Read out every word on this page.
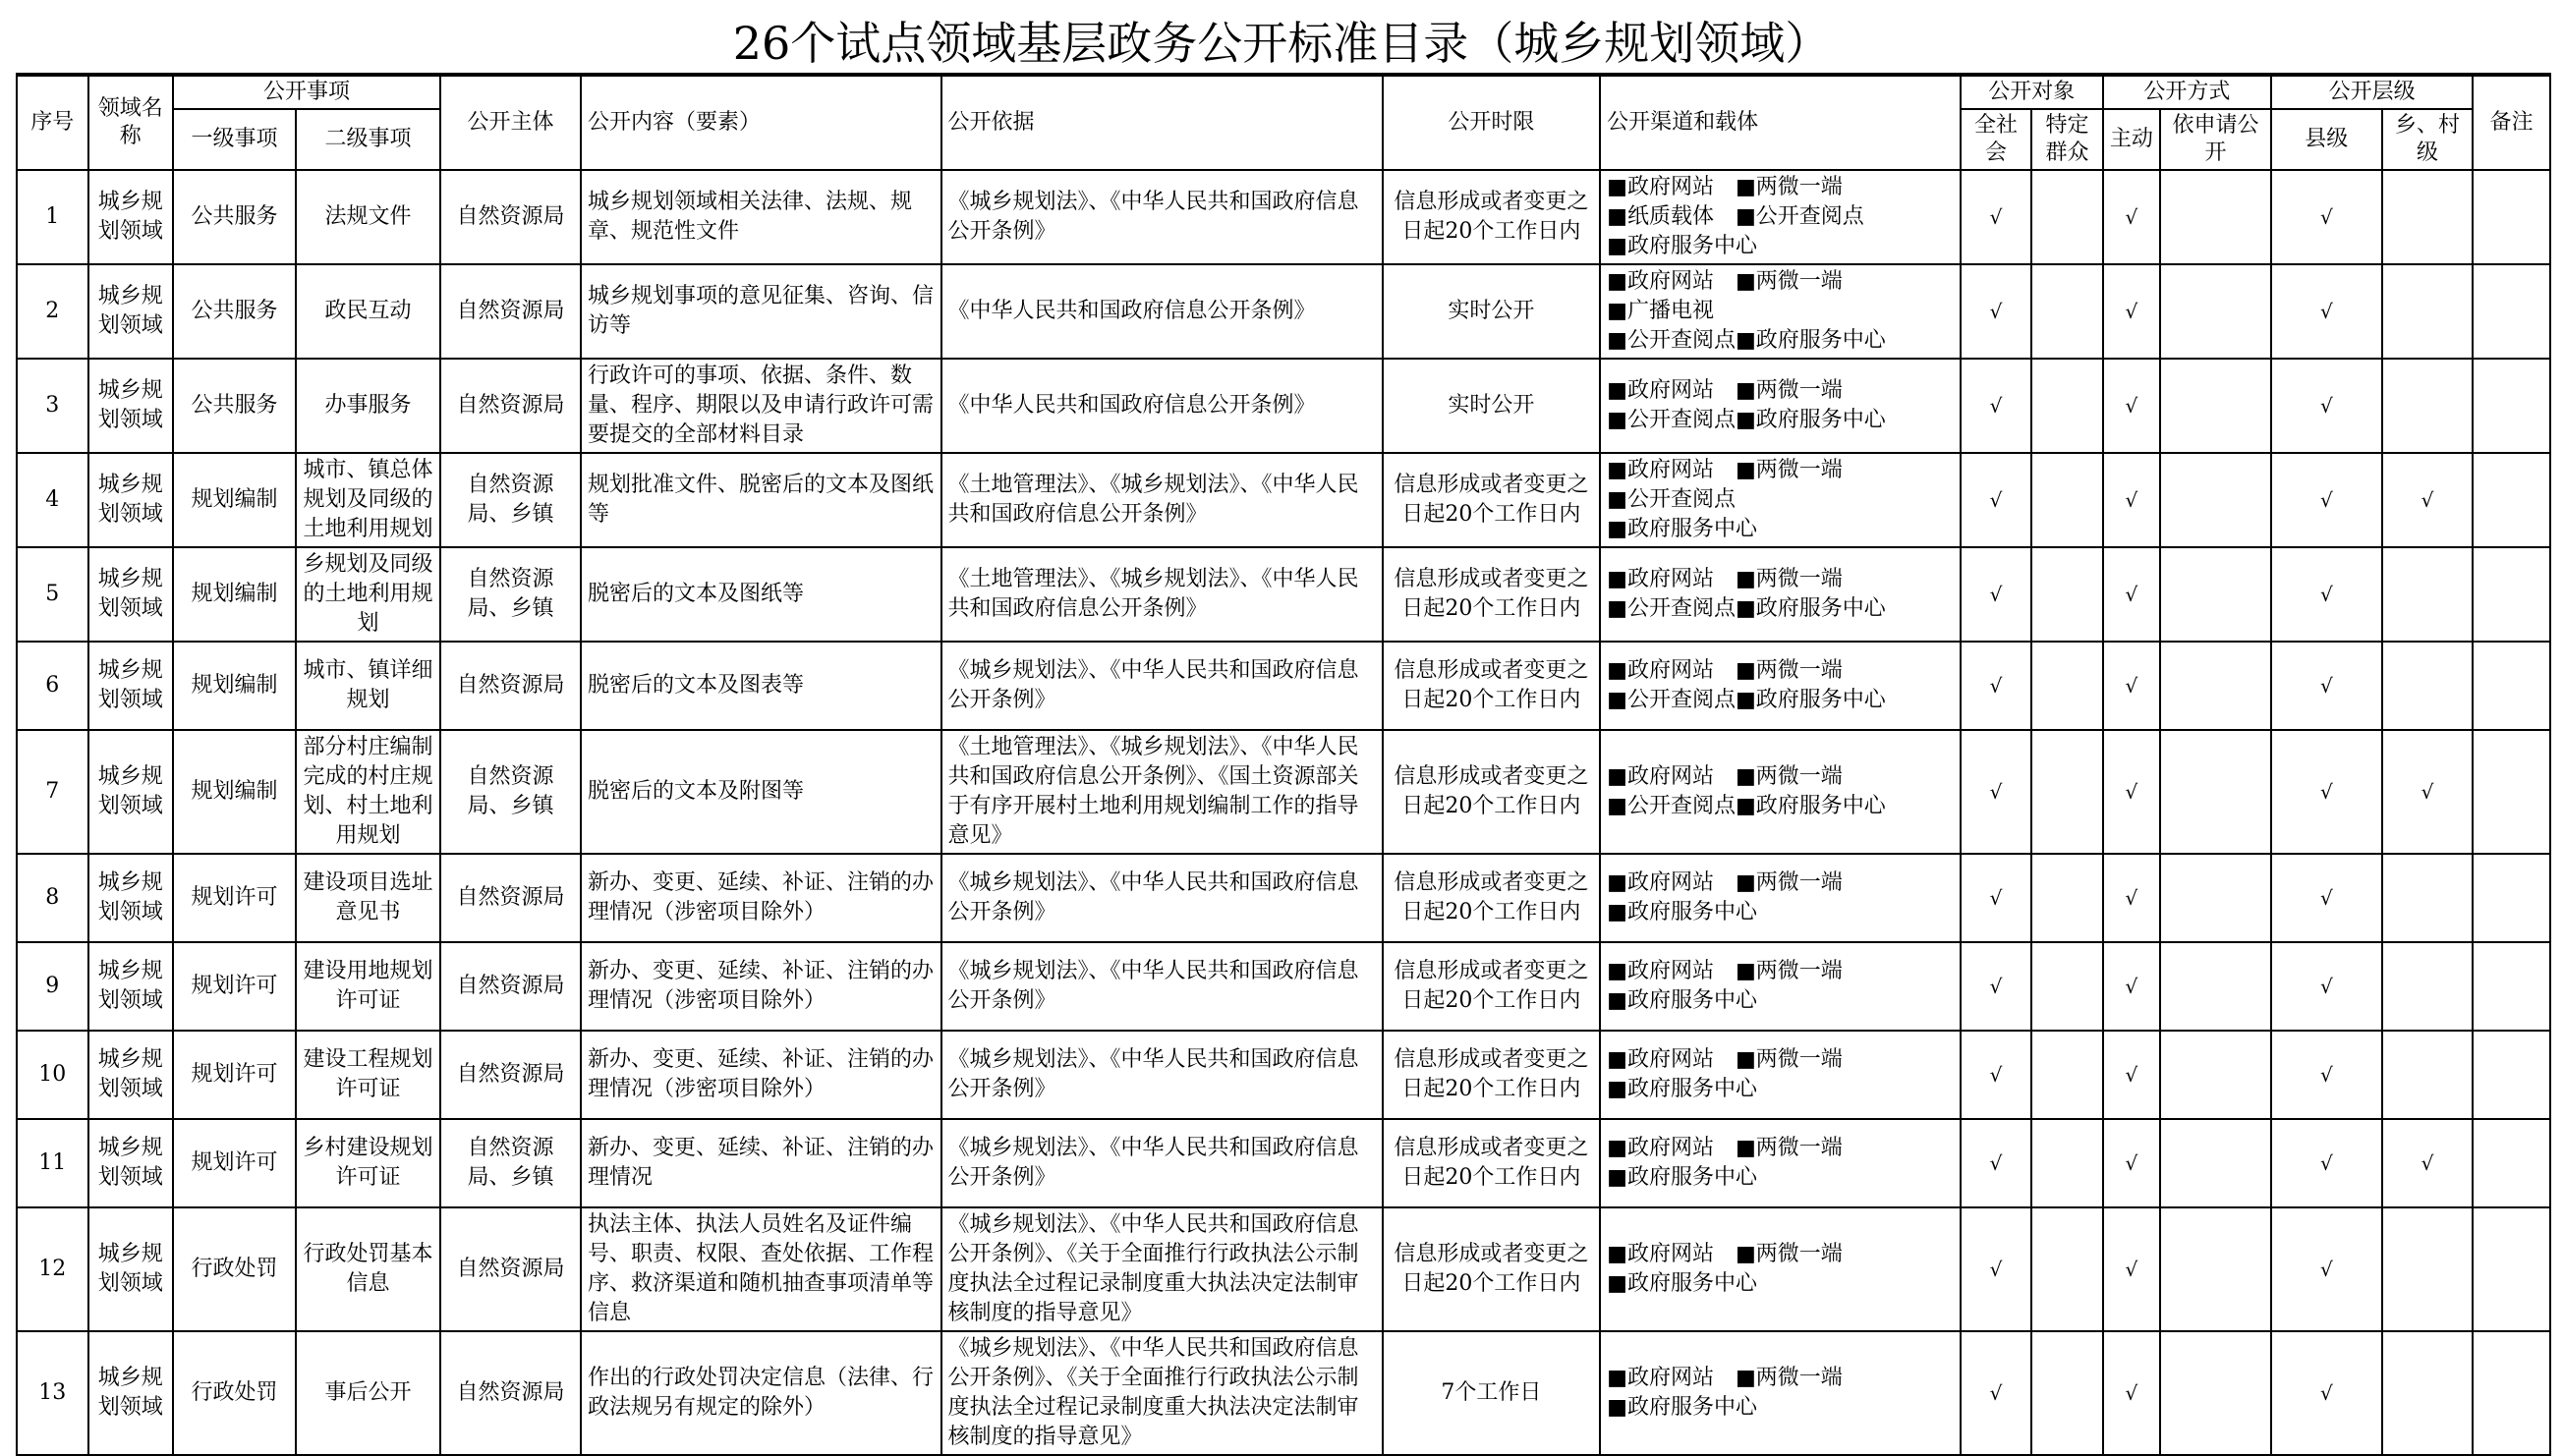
26个试点领域基层政务公开标准目录（城乡规划领域）
序号	领域名称	公开事项		公开主体	公开内容（要素）	公开依据	公开时限	公开渠道和载体	公开对象		公开方式		公开层级		备注
		一级事项	二级事项						全社会	特定群众	主动	依申请公开	县级	乡、村级	
1	城乡规划领域	公共服务	法规文件	自然资源局	城乡规划领域相关法律、法规、规章、规范性文件	《城乡规划法》、《中华人民共和国政府信息公开条例》	信息形成或者变更之日起20个工作日内	■政府网站　■两微一端
■纸质载体　■公开查阅点
■政府服务中心	√		√		√		
2	城乡规划领域	公共服务	政民互动	自然资源局	城乡规划事项的意见征集、咨询、信访等	《中华人民共和国政府信息公开条例》	实时公开	■政府网站　■两微一端
■广播电视
■公开查阅点■政府服务中心	√		√		√		
3	城乡规划领域	公共服务	办事服务	自然资源局	行政许可的事项、依据、条件、数量、程序、期限以及申请行政许可需要提交的全部材料目录	《中华人民共和国政府信息公开条例》	实时公开	■政府网站　■两微一端
■公开查阅点■政府服务中心	√		√		√		
4	城乡规划领域	规划编制	城市、镇总体规划及同级的土地利用规划	自然资源局、乡镇	规划批准文件、脱密后的文本及图纸等	《土地管理法》、《城乡规划法》、《中华人民共和国政府信息公开条例》	信息形成或者变更之日起20个工作日内	■政府网站　■两微一端
■公开查阅点
■政府服务中心	√		√		√	√	
5	城乡规划领域	规划编制	乡规划及同级的土地利用规划	自然资源局、乡镇	脱密后的文本及图纸等	《土地管理法》、《城乡规划法》、《中华人民共和国政府信息公开条例》	信息形成或者变更之日起20个工作日内	■政府网站　■两微一端
■公开查阅点■政府服务中心	√		√		√		
6	城乡规划领域	规划编制	城市、镇详细规划	自然资源局	脱密后的文本及图表等	《城乡规划法》、《中华人民共和国政府信息公开条例》	信息形成或者变更之日起20个工作日内	■政府网站　■两微一端
■公开查阅点■政府服务中心	√		√		√		
7	城乡规划领域	规划编制	部分村庄编制完成的村庄规划、村土地利用规划	自然资源局、乡镇	脱密后的文本及附图等	《土地管理法》、《城乡规划法》、《中华人民共和国政府信息公开条例》、《国土资源部关于有序开展村土地利用规划编制工作的指导意见》	信息形成或者变更之日起20个工作日内	■政府网站　■两微一端
■公开查阅点■政府服务中心	√		√		√	√	
8	城乡规划领域	规划许可	建设项目选址意见书	自然资源局	新办、变更、延续、补证、注销的办理情况（涉密项目除外）	《城乡规划法》、《中华人民共和国政府信息公开条例》	信息形成或者变更之日起20个工作日内	■政府网站　■两微一端
■政府服务中心	√		√		√		
9	城乡规划领域	规划许可	建设用地规划许可证	自然资源局	新办、变更、延续、补证、注销的办理情况（涉密项目除外）	《城乡规划法》、《中华人民共和国政府信息公开条例》	信息形成或者变更之日起20个工作日内	■政府网站　■两微一端
■政府服务中心	√		√		√		
10	城乡规划领域	规划许可	建设工程规划许可证	自然资源局	新办、变更、延续、补证、注销的办理情况（涉密项目除外）	《城乡规划法》、《中华人民共和国政府信息公开条例》	信息形成或者变更之日起20个工作日内	■政府网站　■两微一端
■政府服务中心	√		√		√		
11	城乡规划领域	规划许可	乡村建设规划许可证	自然资源局、乡镇	新办、变更、延续、补证、注销的办理情况	《城乡规划法》、《中华人民共和国政府信息公开条例》	信息形成或者变更之日起20个工作日内	■政府网站　■两微一端
■政府服务中心	√		√		√	√	
12	城乡规划领域	行政处罚	行政处罚基本信息	自然资源局	执法主体、执法人员姓名及证件编号、职责、权限、查处依据、工作程序、救济渠道和随机抽查事项清单等信息	《城乡规划法》、《中华人民共和国政府信息公开条例》、《关于全面推行行政执法公示制度执法全过程记录制度重大执法决定法制审核制度的指导意见》	信息形成或者变更之日起20个工作日内	■政府网站　■两微一端
■政府服务中心	√		√		√		
13	城乡规划领域	行政处罚	事后公开	自然资源局	作出的行政处罚决定信息（法律、行政法规另有规定的除外）	《城乡规划法》、《中华人民共和国政府信息公开条例》、《关于全面推行行政执法公示制度执法全过程记录制度重大执法决定法制审核制度的指导意见》	7个工作日	■政府网站　■两微一端
■政府服务中心	√		√		√		
